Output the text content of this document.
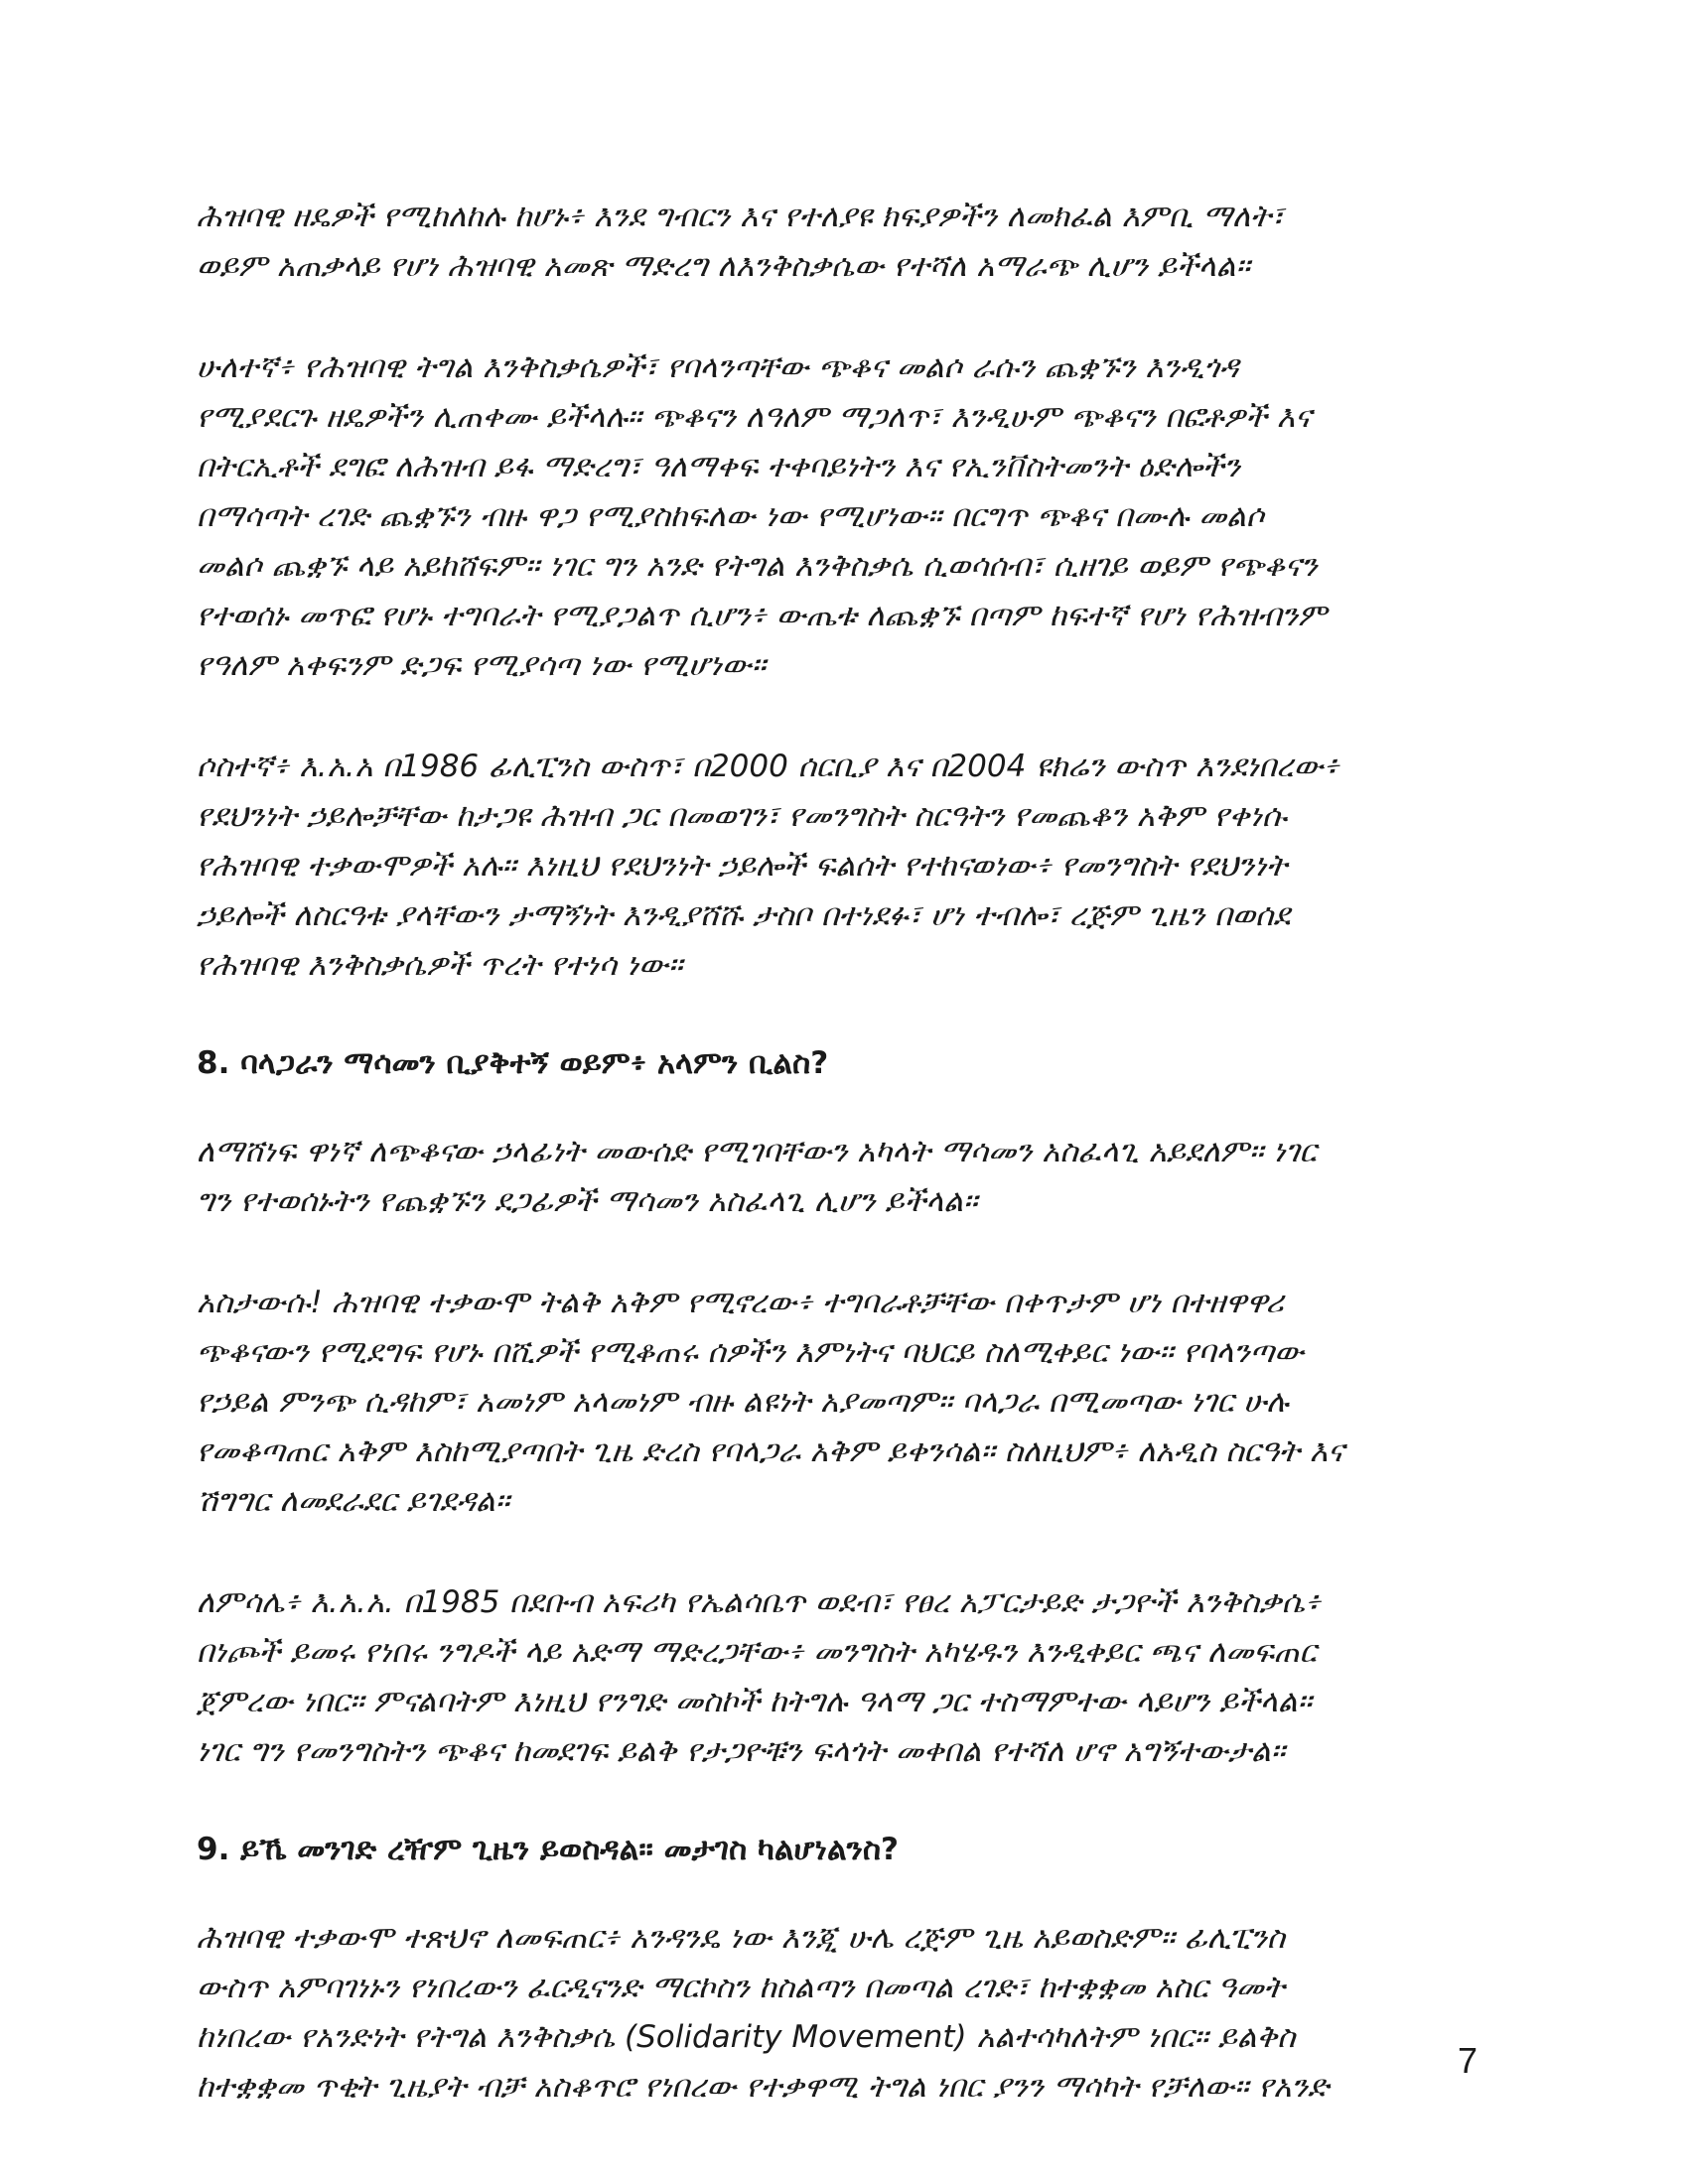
ሕዝባዊ ዘዴዎች የሚከለከሉ ከሆኑ፥ እንደ ግብርን እና የተለያዩ ክፍያዎችን ለመክፈል እምቢ ማለት፣
ወይም አጠቃላይ የሆነ ሕዝባዊ አመጽ ማድረግ ለእንቅስቃሴው የተሻለ አማራጭ ሊሆን ይችላል።

ሁለተኛ፥ የሕዝባዊ ትግል እንቅስቃሴዎች፣ የባላንጣቸው ጭቆና መልሶ ራሱን ጨቋኙን እንዲጎዳ
የሚያደርጉ ዘዴዎችን ሊጠቀሙ ይችላሉ። ጭቆናን ለዓለም ማጋለጥ፣ እንዲሁም ጭቆናን በፎቶዎች እና
በትርኢቶች ደግፎ ለሕዝብ ይፋ ማድረግ፣ ዓለማቀፍ ተቀባይነትን እና የኢንቨስትመንት ዕድሎችን
በማሳጣት ረገድ ጨቋኙን ብዙ ዋጋ የሚያስከፍለው ነው የሚሆነው። በርግጥ ጭቆና በሙሉ መልሶ
መልሶ ጨቋኙ ላይ አይከሸፍም። ነገር ግን አንድ የትግል እንቅስቃሴ ሲወሳሰብ፣ ሲዘገይ ወይም የጭቆናን
የተወሰኑ መጥፎ የሆኑ ተግባራት የሚያጋልጥ ሲሆን፥ ውጤቱ ለጨቋኙ በጣም ከፍተኛ የሆነ የሕዝብንም
የዓለም አቀፍንም ድጋፍ የሚያሳጣ ነው የሚሆነው።

ሶስተኛ፥ እ.አ.አ በ1986 ፊሊፒንስ ውስጥ፣ በ2000 ሰርቢያ እና በ2004 ዩክሬን ውስጥ እንደነበረው፥
የደህንነት ኃይሎቻቸው ከታጋዩ ሕዝብ ጋር በመወገን፣ የመንግስት ስርዓትን የመጨቆን አቅም የቀነሱ
የሕዝባዊ ተቃውሞዎች አሉ። እነዚህ የደህንነት ኃይሎች ፍልሰት የተከናወነው፥ የመንግስት የደህንነት
ኃይሎች ለስርዓቱ ያላቸውን ታማኝነት እንዲያሸሹ ታስቦ በተነደፉ፣ ሆነ ተብሎ፣ ረጅም ጊዜን በወሰደ
የሕዝባዊ እንቅስቃሴዎች ጥረት የተነሳ ነው።

8. ባላጋራን ማሳመን ቢያቅተኝ ወይም፥ አላምን ቢልስ?

ለማሸነፍ ዋነኛ ለጭቆናው ኃላፊነት መውሰድ የሚገባቸውን አካላት ማሳመን አስፈላጊ አይደለም። ነገር
ግን የተወሰኑትን የጨቋኙን ደጋፊዎች ማሳመን አስፈላጊ ሊሆን ይችላል።

አስታውሱ! ሕዝባዊ ተቃውሞ ትልቅ አቅም የሚኖረው፥ ተግባራቶቻቸው በቀጥታም ሆነ በተዘዋዋሪ
ጭቆናውን የሚደግፍ የሆኑ በሺዎች የሚቆጠሩ ሰዎችን እምነትና ባህርይ ስለሚቀይር ነው። የባላንጣው
የኃይል ምንጭ ሲዳከም፣ አመነም አላመነም ብዙ ልዩነት አያመጣም። ባላጋራ በሚመጣው ነገር ሁሉ
የመቆጣጠር አቅም እስከሚያጣበት ጊዜ ድረስ የባላጋራ አቅም ይቀንሳል። ስለዚህም፥ ለአዲስ ስርዓት እና
ሽግግር ለመደራደር ይገደዳል።

ለምሳሌ፥ እ.አ.አ. በ1985 በደቡብ አፍሪካ የኤልሳቤጥ ወደብ፣ የፀረ አፓርታይድ ታጋዮች እንቅስቃሴ፥
በነጮች ይመሩ የነበሩ ንግዶች ላይ አድማ ማድረጋቸው፥ መንግስት አካሄዱን እንዲቀይር ጫና ለመፍጠር
ጀምረው ነበር። ምናልባትም እነዚህ የንግድ መስኮች ከትግሉ ዓላማ ጋር ተስማምተው ላይሆን ይችላል።
ነገር ግን የመንግስትን ጭቆና ከመደገፍ ይልቅ የታጋዮቹን ፍላጎት መቀበል የተሻለ ሆኖ አግኝተውታል።

9. ይኼ መንገድ ረዥም ጊዜን ይወስዳል። መታገስ ካልሆነልንስ?

ሕዝባዊ ተቃውሞ ተጽህኖ ለመፍጠር፥ አንዳንዴ ነው እንጂ ሁሌ ረጅም ጊዜ አይወስድም። ፊሊፒንስ
ውስጥ አምባገነኑን የነበረውን ፈርዲናንድ ማርኮስን ከስልጣን በመጣል ረገድ፣ ከተቋቋመ አስር ዓመት
ከነበረው የአንድነት የትግል እንቅስቃሴ (Solidarity Movement) አልተሳካለትም ነበር። ይልቅስ
ከተቋቋመ ጥቂት ጊዜያት ብቻ አስቆጥሮ የነበረው የተቃዋሚ ትግል ነበር ያንን ማሳካት የቻለው። የአንድ

7
